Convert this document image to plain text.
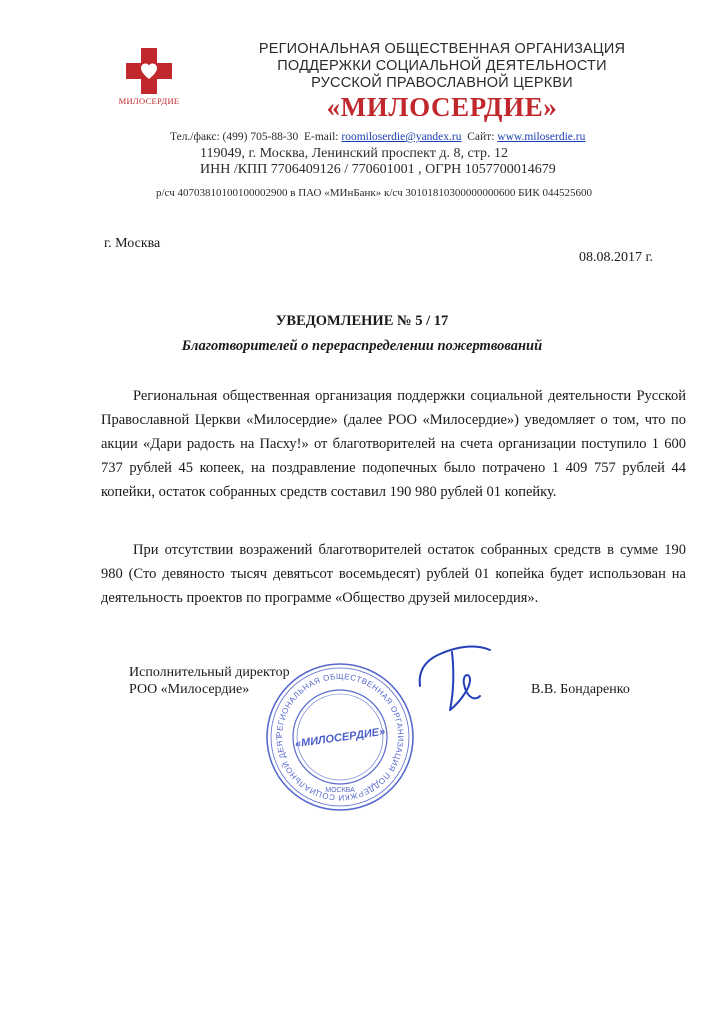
МИЛОСЕРДИЕ
РЕГИОНАЛЬНАЯ ОБЩЕСТВЕННАЯ ОРГАНИЗАЦИЯ
ПОДДЕРЖКИ СОЦИАЛЬНОЙ ДЕЯТЕЛЬНОСТИ
РУССКОЙ ПРАВОСЛАВНОЙ ЦЕРКВИ
«МИЛОСЕРДИЕ»
Тел./факс: (499) 705-88-30 E-mail: roomiloserdie@yandex.ru Сайт: www.miloserdie.ru
119049, г. Москва, Ленинский проспект д. 8, стр. 12
ИНН /КПП 7706409126 / 770601001 , ОГРН 1057700014679
р/сч 40703810100100002900 в ПАО «МИнБанк» к/сч 30101810300000000600 БИК 044525600
г. Москва
08.08.2017 г.
УВЕДОМЛЕНИЕ № 5 / 17
Благотворителей о перераспределении пожертвований
Региональная общественная организация поддержки социальной деятельности Русской Православной Церкви «Милосердие» (далее РОО «Милосердие») уведомляет о том, что по акции «Дари радость на Пасху!» от благотворителей на счета организации поступило 1 600 737 рублей 45 копеек, на поздравление подопечных было потрачено 1 409 757 рублей 44 копейки, остаток собранных средств составил 190 980 рублей 01 копейку.
При отсутствии возражений благотворителей остаток собранных средств в сумме 190 980 (Сто девяносто тысяч девятьсот восемьдесят) рублей 01 копейка будет использован на деятельность проектов по программе «Общество друзей милосердия».
Исполнительный директор
РОО «Милосердие»
РЕГИОНАЛЬНАЯ ОБЩЕСТВЕННАЯ ОРГАНИЗАЦИЯ ПОДДЕРЖКИ СОЦИАЛЬНОЙ ДЕЯТ «МИЛОСЕРДИЕ»
МОСКВА
В.В. Бондаренко
